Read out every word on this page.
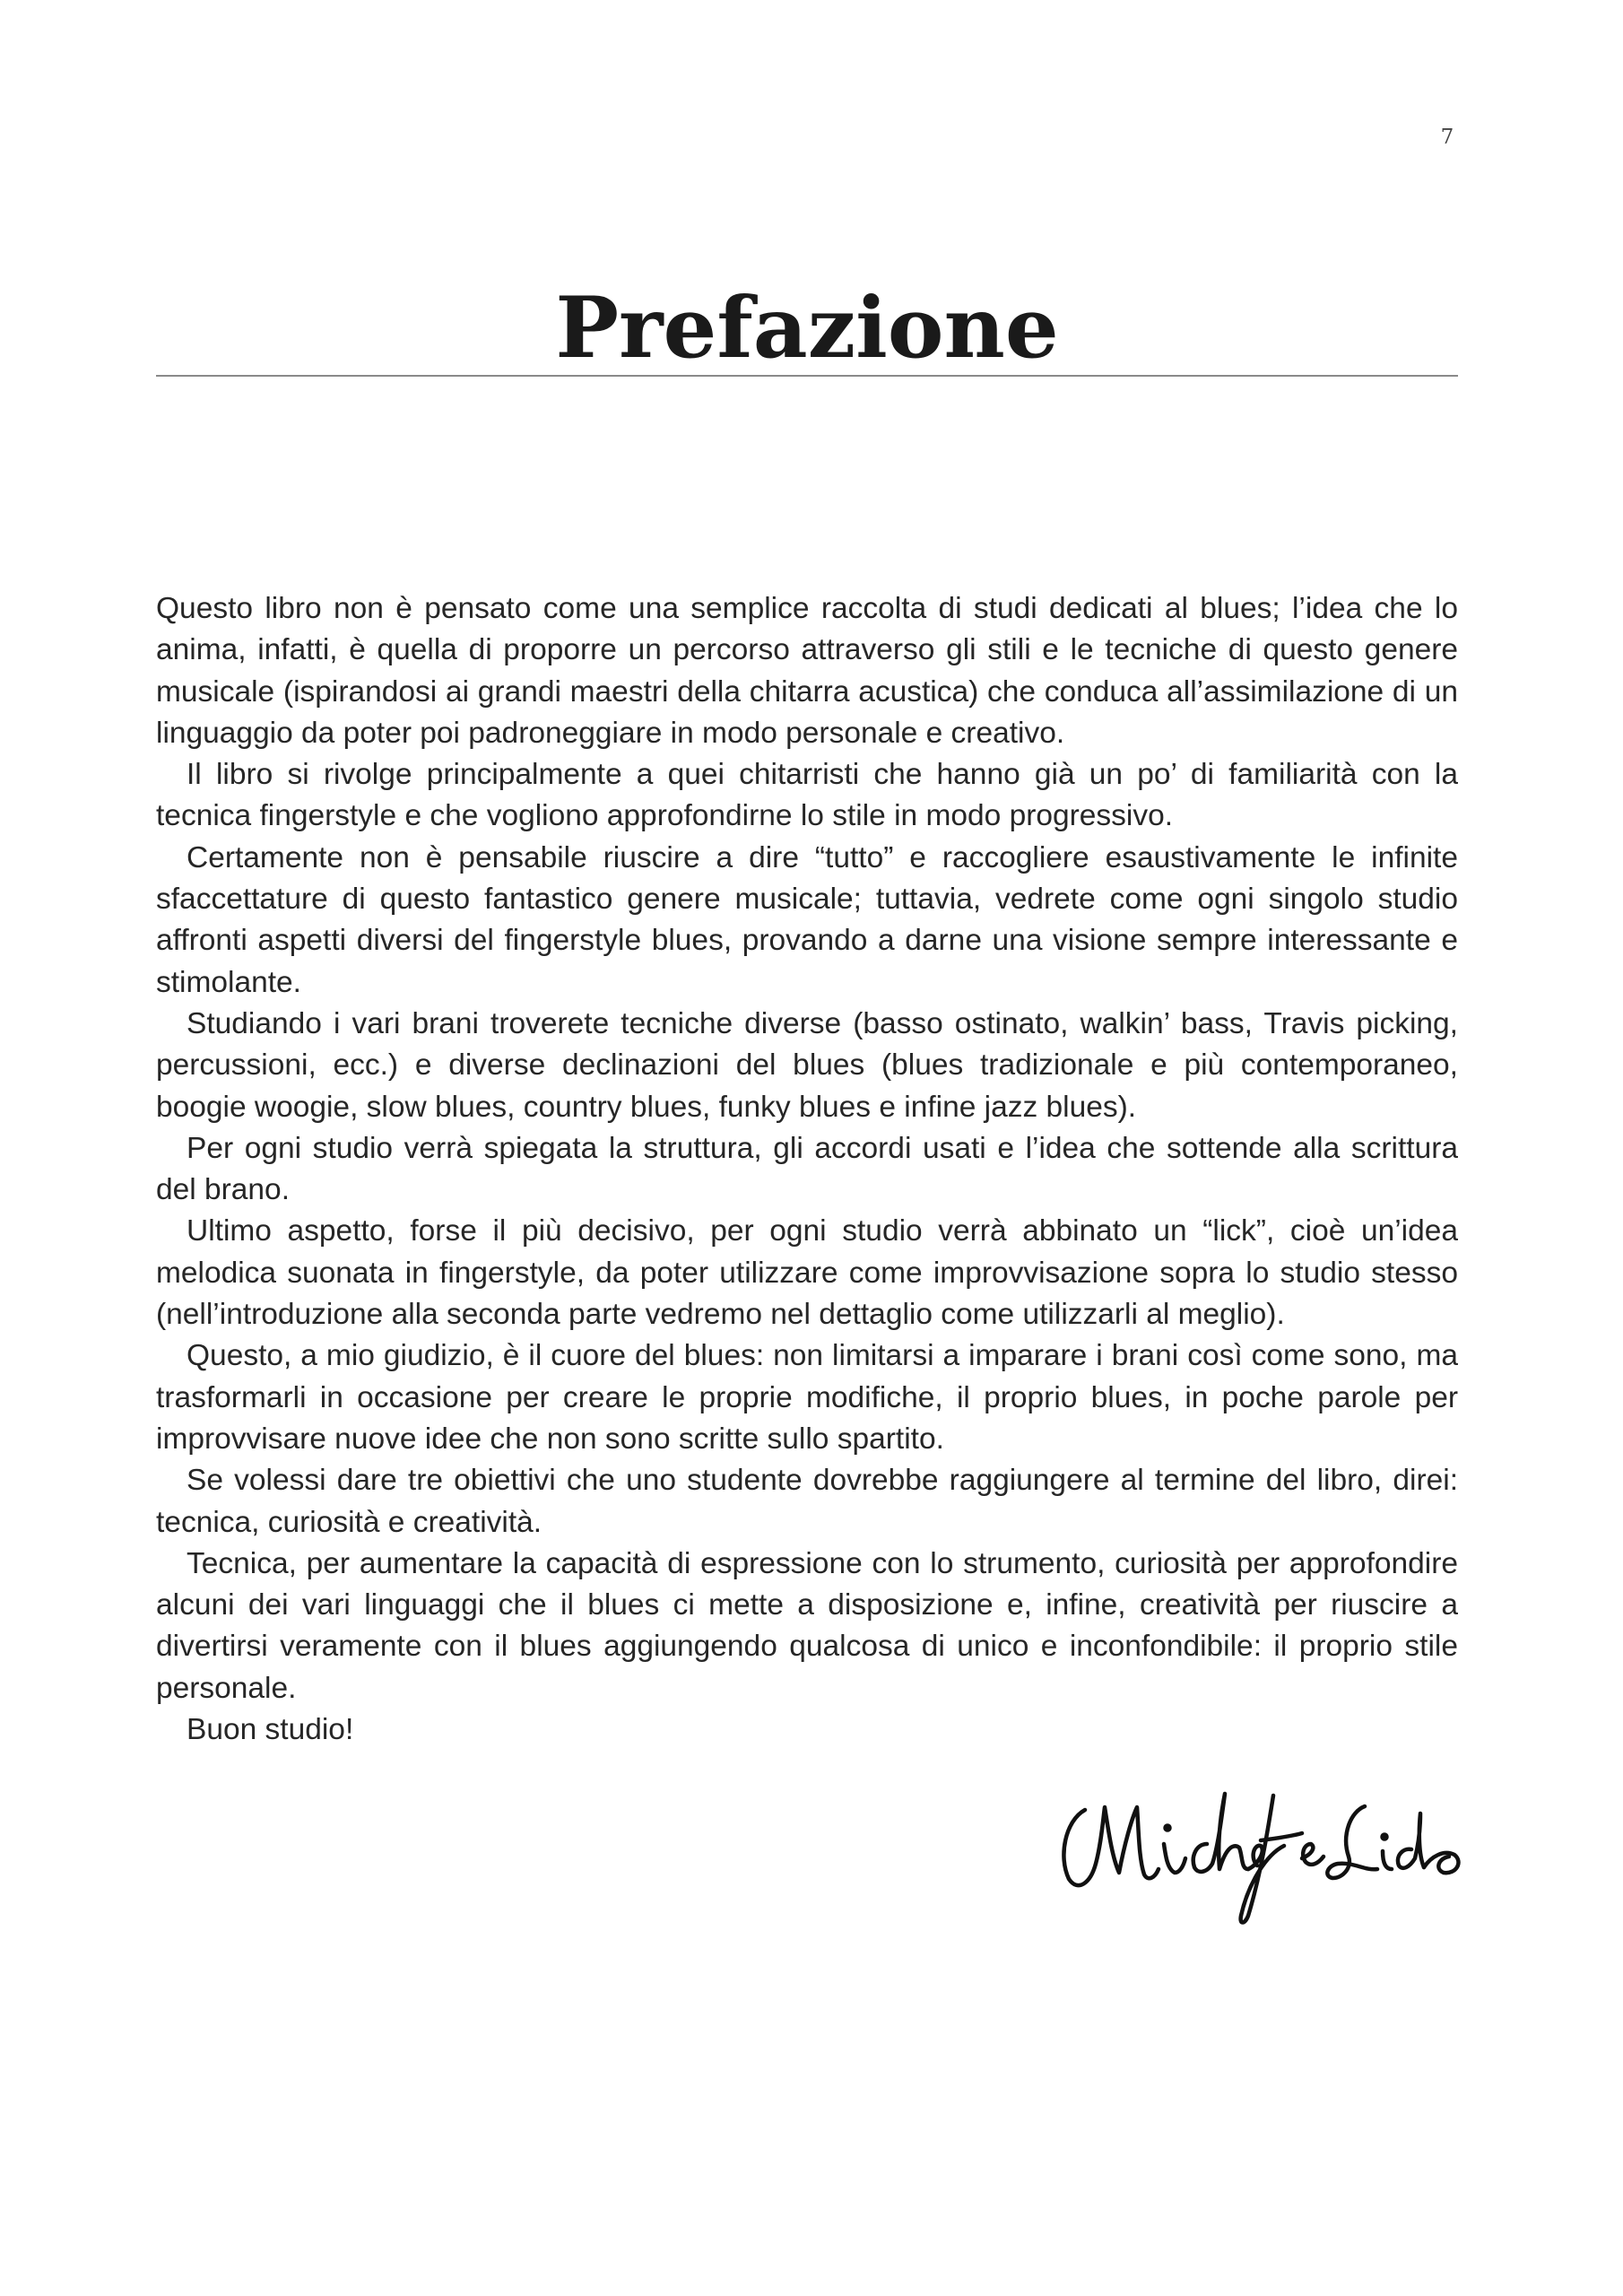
7
Prefazione

Questo libro non è pensato come una semplice raccolta di studi dedicati al blues; l’idea che lo anima, infatti, è quella di proporre un percorso attraverso gli stili e le tecniche di questo genere musicale (ispirandosi ai grandi maestri della chitarra acustica) che conduca all’assimilazione di un linguaggio da poter poi padroneggiare in modo personale e creativo.

Il libro si rivolge principalmente a quei chitarristi che hanno già un po’ di familiarità con la tecnica fingerstyle e che vogliono approfondirne lo stile in modo progressivo.

Certamente non è pensabile riuscire a dire “tutto” e raccogliere esaustivamente le infinite sfaccettature di questo fantastico genere musicale; tuttavia, vedrete come ogni singolo studio affronti aspetti diversi del fingerstyle blues, provando a darne una visione sempre interessante e stimolante.

Studiando i vari brani troverete tecniche diverse (basso ostinato, walkin’ bass, Travis picking, percussioni, ecc.) e diverse declinazioni del blues (blues tradizionale e più contemporaneo, boogie woogie, slow blues, country blues, funky blues e infine jazz blues).

Per ogni studio verrà spiegata la struttura, gli accordi usati e l’idea che sottende alla scrittura del brano.

Ultimo aspetto, forse il più decisivo, per ogni studio verrà abbinato un “lick”, cioè un’idea melodica suonata in fingerstyle, da poter utilizzare come improvvisazione sopra lo studio stesso (nell’introduzione alla seconda parte vedremo nel dettaglio come utilizzarli al meglio).

Questo, a mio giudizio, è il cuore del blues: non limitarsi a imparare i brani così come sono, ma trasformarli in occasione per creare le proprie modifiche, il proprio blues, in poche parole per improvvisare nuove idee che non sono scritte sullo spartito.

Se volessi dare tre obiettivi che uno studente dovrebbe raggiungere al termine del libro, direi: tecnica, curiosità e creatività.

Tecnica, per aumentare la capacità di espressione con lo strumento, curiosità per approfondire alcuni dei vari linguaggi che il blues ci mette a disposizione e, infine, creatività per riuscire a divertirsi veramente con il blues aggiungendo qualcosa di unico e inconfondibile: il proprio stile personale.

Buon studio!
